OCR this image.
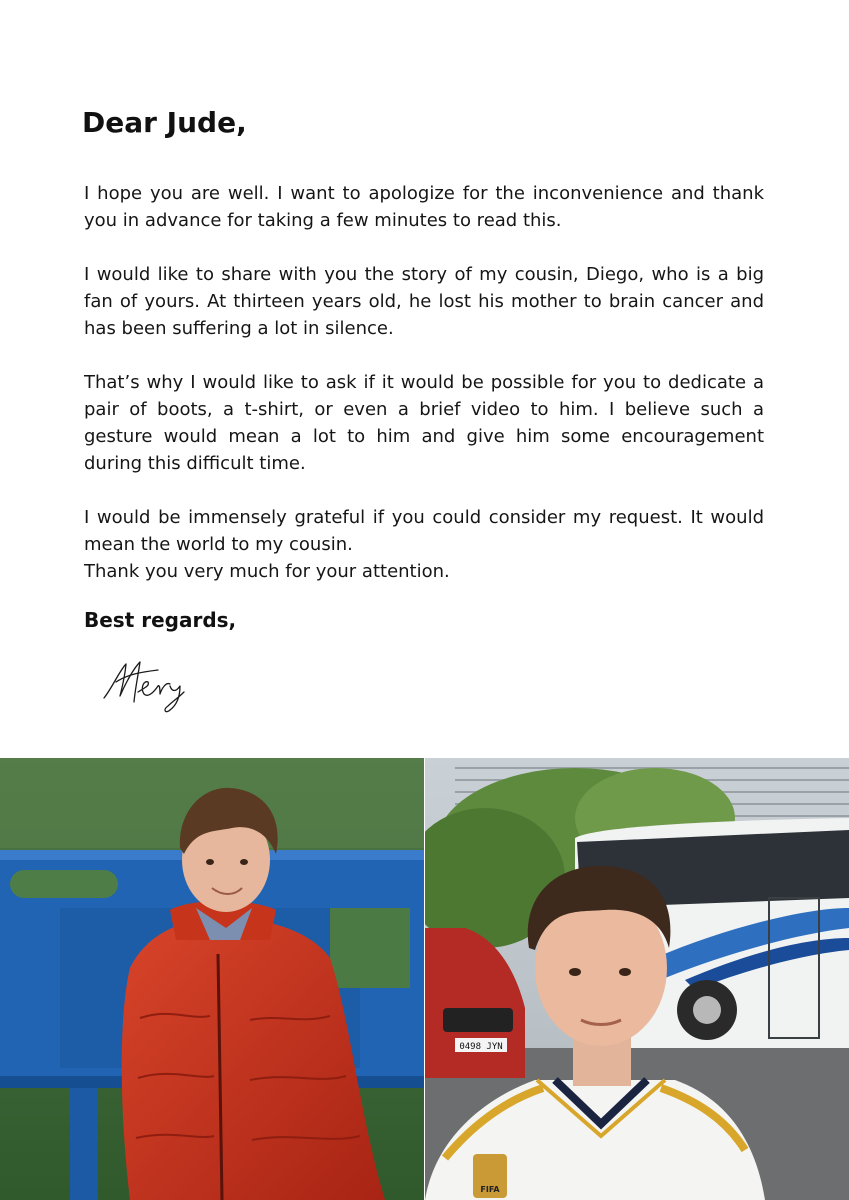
Dear Jude,

I hope you are well. I want to apologize for the inconvenience and thank you in advance for taking a few minutes to read this.

I would like to share with you the story of my cousin, Diego, who is a big fan of yours. At thirteen years old, he lost his mother to brain cancer and has been suffering a lot in silence.

That’s why I would like to ask if it would be possible for you to dedicate a pair of boots, a t-shirt, or even a brief video to him. I believe such a gesture would mean a lot to him and give him some encouragement during this difficult time.

I would be immensely grateful if you could consider my request. It would mean the world to my cousin.

Thank you very much for your attention.

Best regards,
0498 JYN
FIFA
